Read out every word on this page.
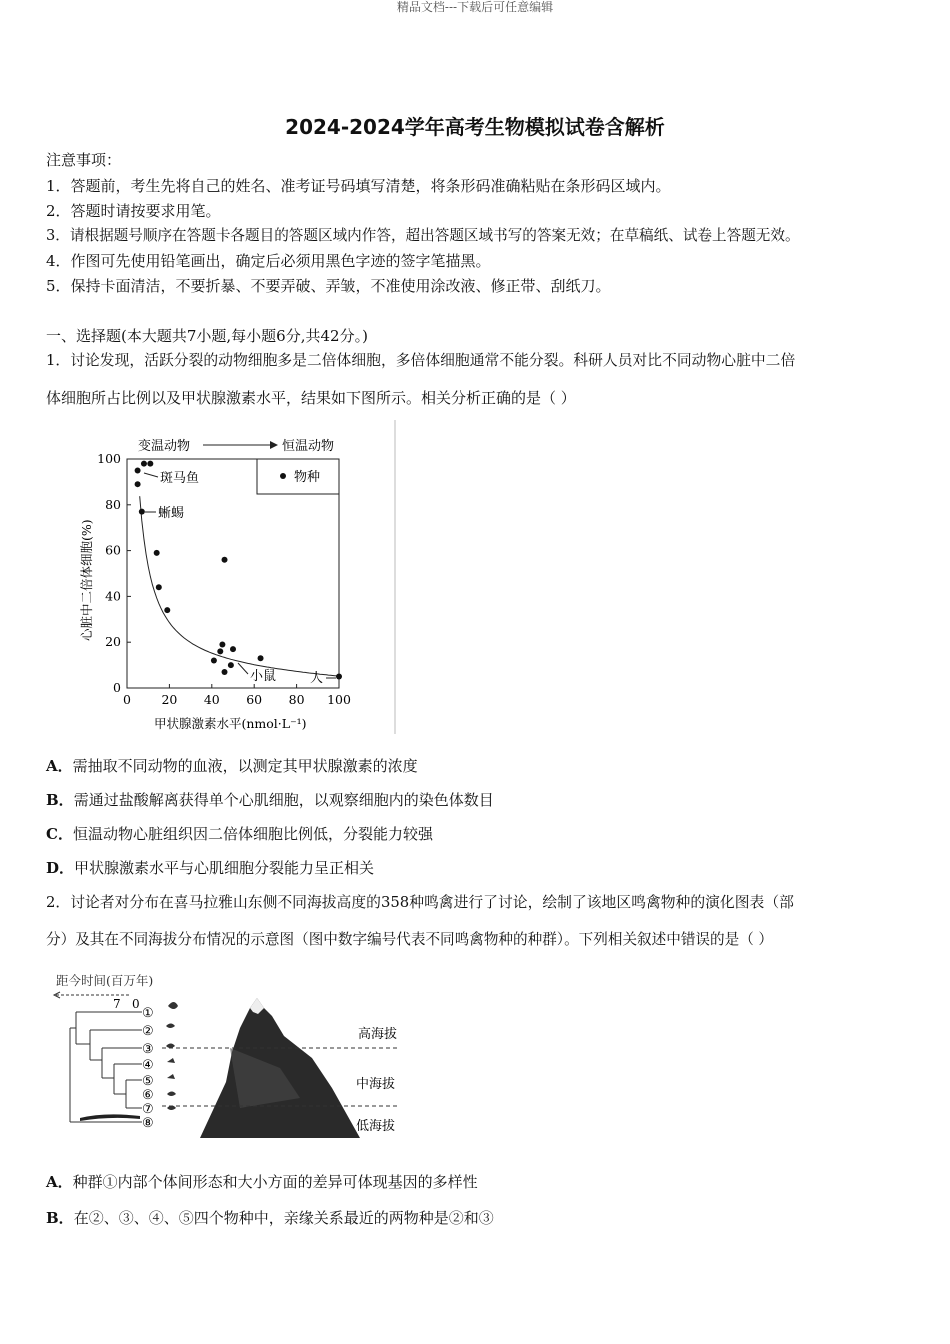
精品文档---下载后可任意编辑
2024-2024学年高考生物模拟试卷含解析
注意事项：
1．答题前，考生先将自己的姓名、准考证号码填写清楚，将条形码准确粘贴在条形码区域内。
2．答题时请按要求用笔。
3．请根据题号顺序在答题卡各题目的答题区域内作答，超出答题区域书写的答案无效；在草稿纸、试卷上答题无效。
4．作图可先使用铅笔画出，确定后必须用黑色字迹的签字笔描黑。
5．保持卡面清洁，不要折暴、不要弄破、弄皱，不准使用涂改液、修正带、刮纸刀。
一、选择题(本大题共7小题,每小题6分,共42分。)
1．讨论发现，活跃分裂的动物细胞多是二倍体细胞，多倍体细胞通常不能分裂。科研人员对比不同动物心脏中二倍
体细胞所占比例以及甲状腺激素水平，结果如下图所示。相关分析正确的是（ ）
变温动物	恒温动物
物种
0 20 40 60 80 100
0
20
40
60
80
100
斑马鱼
蜥蜴
小鼠	人
甲状腺激素水平(nmol·L⁻¹)
心脏中二倍体细胞(%)
A．需抽取不同动物的血液，以测定其甲状腺激素的浓度
B．需通过盐酸解离获得单个心肌细胞，以观察细胞内的染色体数目
C．恒温动物心脏组织因二倍体细胞比例低，分裂能力较强
D．甲状腺激素水平与心肌细胞分裂能力呈正相关
2．讨论者对分布在喜马拉雅山东侧不同海拔高度的358种鸣禽进行了讨论，绘制了该地区鸣禽物种的演化图表（部
分）及其在不同海拔分布情况的示意图（图中数字编号代表不同鸣禽物种的种群）。下列相关叙述中错误的是（ ）
距今时间(百万年)
7 0
高海拔
中海拔
低海拔
①
②
③
④
⑤
⑥
⑦
⑧
A．种群①内部个体间形态和大小方面的差异可体现基因的多样性
B．在②、③、④、⑤四个物种中，亲缘关系最近的两物种是②和③
